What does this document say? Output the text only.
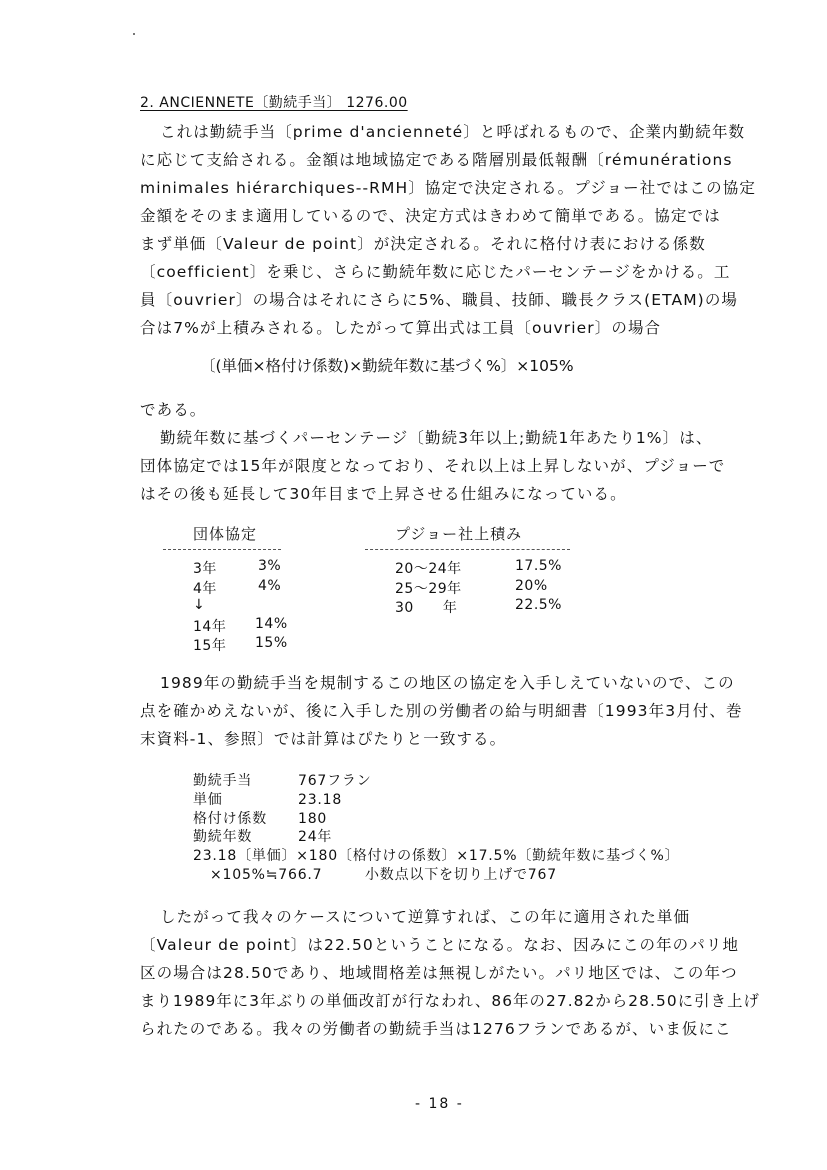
2. ANCIENNETE〔勤続手当〕 1276.00
これは勤続手当〔prime d'ancienneté〕と呼ばれるもので、企業内勤続年数
に応じて支給される。金額は地域協定である階層別最低報酬〔rémunérations
minimales hiérarchiques--RMH〕協定で決定される。プジョー社ではこの協定
金額をそのまま適用しているので、決定方式はきわめて簡単である。協定では
まず単価〔Valeur de point〕が決定される。それに格付け表における係数
〔coefficient〕を乗じ、さらに勤続年数に応じたパーセンテージをかける。工
員〔ouvrier〕の場合はそれにさらに5%、職員、技師、職長クラス(ETAM)の場
合は7%が上積みされる。したがって算出式は工員〔ouvrier〕の場合
〔(単価×格付け係数)×勤続年数に基づく%〕×105%
である。
勤続年数に基づくパーセンテージ〔勤続3年以上;勤続1年あたり1%〕は、
団体協定では15年が限度となっており、それ以上は上昇しないが、プジョーで
はその後も延長して30年目まで上昇させる仕組みになっている。
団体協定	プジョー社上積み
3年	3%
4年	4%
↓
14年 14%
15年 15%
20～24年	17.5%
25～29年	20%
30　　年	22.5%
1989年の勤続手当を規制するこの地区の協定を入手しえていないので、この
点を確かめえないが、後に入手した別の労働者の給与明細書〔1993年3月付、巻
末資料-1、参照〕では計算はぴたりと一致する。
勤続手当	767フラン
単価	23.18
格付け係数 180
勤続年数	24年
23.18〔単価〕×180〔格付けの係数〕×17.5%〔勤続年数に基づく%〕
×105%≒766.7	小数点以下を切り上げで767
したがって我々のケースについて逆算すれば、この年に適用された単価
〔Valeur de point〕は22.50ということになる。なお、因みにこの年のパリ地
区の場合は28.50であり、地域間格差は無視しがたい。パリ地区では、この年つ
まり1989年に3年ぶりの単価改訂が行なわれ、86年の27.82から28.50に引き上げ
られたのである。我々の労働者の勤続手当は1276フランであるが、いま仮にこ
- 18 -
